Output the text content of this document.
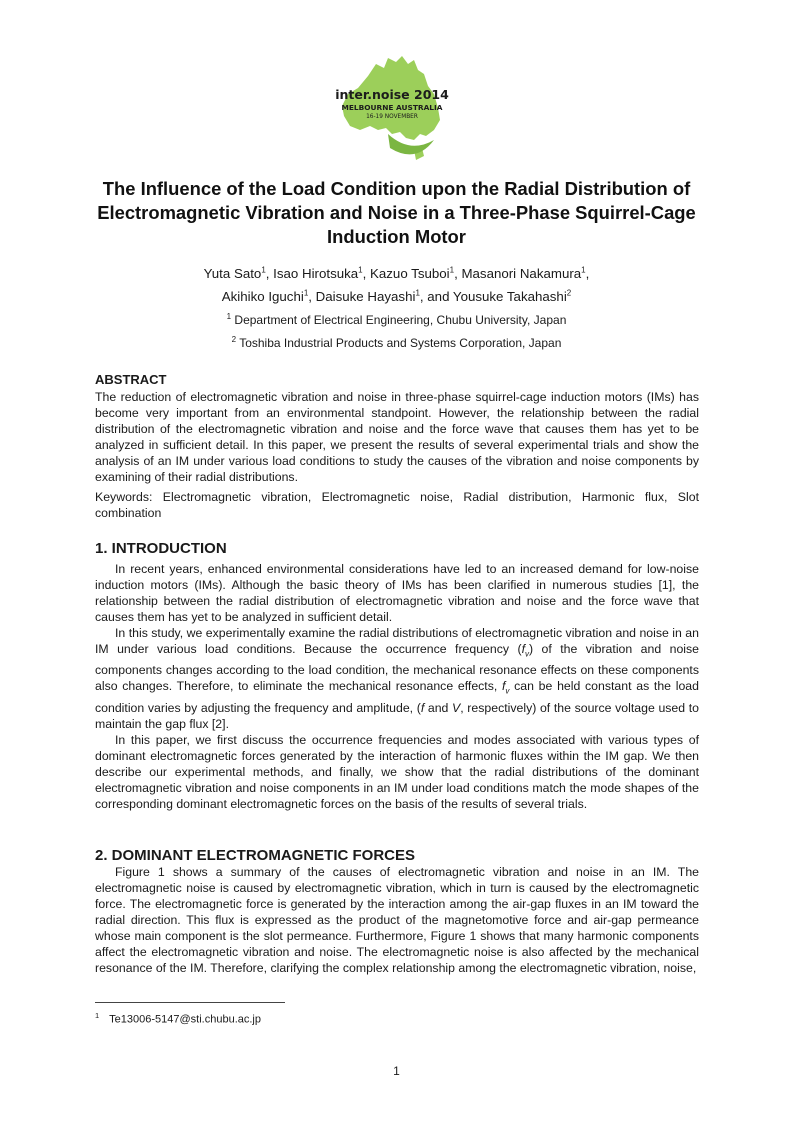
inter.noise 2014
MELBOURNE AUSTRALIA
16-19 NOVEMBER
The Influence of the Load Condition upon the Radial Distribution of Electromagnetic Vibration and Noise in a Three-Phase Squirrel-Cage Induction Motor
Yuta Sato$^1$, Isao Hirotsuka$^1$, Kazuo Tsuboi$^1$, Masanori Nakamura$^1$,
Akihiko Iguchi$^1$, Daisuke Hayashi$^1$, and Yousuke Takahashi$^2$
$^1$ Department of Electrical Engineering, Chubu University, Japan
$^2$ Toshiba Industrial Products and Systems Corporation, Japan
ABSTRACT
The reduction of electromagnetic vibration and noise in three-phase squirrel-cage induction motors (IMs) has become very important from an environmental standpoint. However, the relationship between the radial distribution of the electromagnetic vibration and noise and the force wave that causes them has yet to be analyzed in sufficient detail. In this paper, we present the results of several experimental trials and show the analysis of an IM under various load conditions to study the causes of the vibration and noise components by examining of their radial distributions.
Keywords: Electromagnetic vibration, Electromagnetic noise, Radial distribution, Harmonic flux, Slot combination
1. INTRODUCTION

In recent years, enhanced environmental considerations have led to an increased demand for low-noise induction motors (IMs). Although the basic theory of IMs has been clarified in numerous studies [1], the relationship between the radial distribution of electromagnetic vibration and noise and the force wave that causes them has yet to be analyzed in sufficient detail.

In this study, we experimentally examine the radial distributions of electromagnetic vibration and noise in an IM under various load conditions. Because the occurrence frequency $(f_v)$ of the vibration and noise components changes according to the load condition, the mechanical resonance effects on these components also changes. Therefore, to eliminate the mechanical resonance effects, $f_v$ can be held constant as the load condition varies by adjusting the frequency and amplitude, (f and V, respectively) of the source voltage used to maintain the gap flux [2].

In this paper, we first discuss the occurrence frequencies and modes associated with various types of dominant electromagnetic forces generated by the interaction of harmonic fluxes within the IM gap. We then describe our experimental methods, and finally, we show that the radial distributions of the dominant electromagnetic vibration and noise components in an IM under load conditions match the mode shapes of the corresponding dominant electromagnetic forces on the basis of the results of several trials.

2. DOMINANT ELECTROMAGNETIC FORCES

Figure 1 shows a summary of the causes of electromagnetic vibration and noise in an IM. The electromagnetic noise is caused by electromagnetic vibration, which in turn is caused by the electromagnetic force. The electromagnetic force is generated by the interaction among the air-gap fluxes in an IM toward the radial direction. This flux is expressed as the product of the magnetomotive force and air-gap permeance whose main component is the slot permeance. Furthermore, Figure 1 shows that many harmonic components affect the electromagnetic vibration and noise. The electromagnetic noise is also affected by the mechanical resonance of the IM. Therefore, clarifying the complex relationship among the electromagnetic vibration, noise,

$^1$ Te13006-5147@sti.chubu.ac.jp
1
